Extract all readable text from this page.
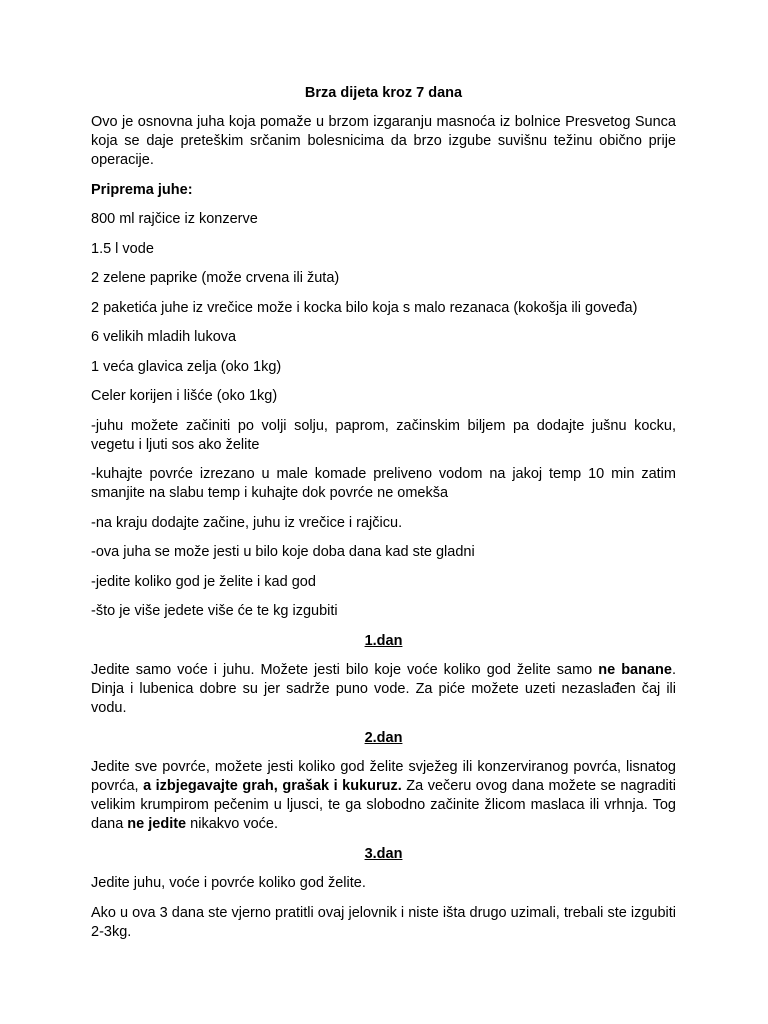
Brza dijeta kroz 7 dana

Ovo je osnovna juha koja pomaže u brzom izgaranju masnoća iz bolnice Presvetog Sunca koja se daje preteškim srčanim bolesnicima da brzo izgube suvišnu težinu obično prije operacije.

Priprema juhe:
800 ml rajčice iz konzerve
1.5 l vode
2 zelene paprike (može crvena ili žuta)
2 paketića juhe iz vrečice može i kocka bilo koja s malo rezanaca (kokošja ili goveđa)
6 velikih mladih lukova
1 veća glavica zelja (oko 1kg)
Celer korijen i lišće (oko 1kg)

-juhu možete začiniti po volji solju, paprom, začinskim biljem pa dodajte jušnu kocku, vegetu i ljuti sos ako želite

-kuhajte povrće izrezano u male komade preliveno vodom na jakoj temp 10 min zatim smanjite na slabu temp i kuhajte dok povrće ne omekša

-na kraju dodajte začine, juhu iz vrečice i rajčicu.

-ova juha se može jesti u bilo koje doba dana kad ste gladni

-jedite koliko god je želite i kad god

-što je više jedete više će te kg izgubiti

1.dan

Jedite samo voće i juhu. Možete jesti bilo koje voće koliko god želite samo ne banane. Dinja i lubenica dobre su jer sadrže puno vode. Za piće možete uzeti nezaslađen čaj ili vodu.

2.dan

Jedite sve povrće, možete jesti koliko god želite svježeg ili konzerviranog povrća, lisnatog povrća, a izbjegavajte grah, grašak i kukuruz. Za večeru ovog dana možete se nagraditi velikim krumpirom pečenim u ljusci, te ga slobodno začinite žlicom maslaca ili vrhnja. Tog dana ne jedite nikakvo voće.

3.dan

Jedite juhu, voće i povrće koliko god želite.

Ako u ova 3 dana ste vjerno pratitli ovaj jelovnik i niste išta drugo uzimali, trebali ste izgubiti 2-3kg.
